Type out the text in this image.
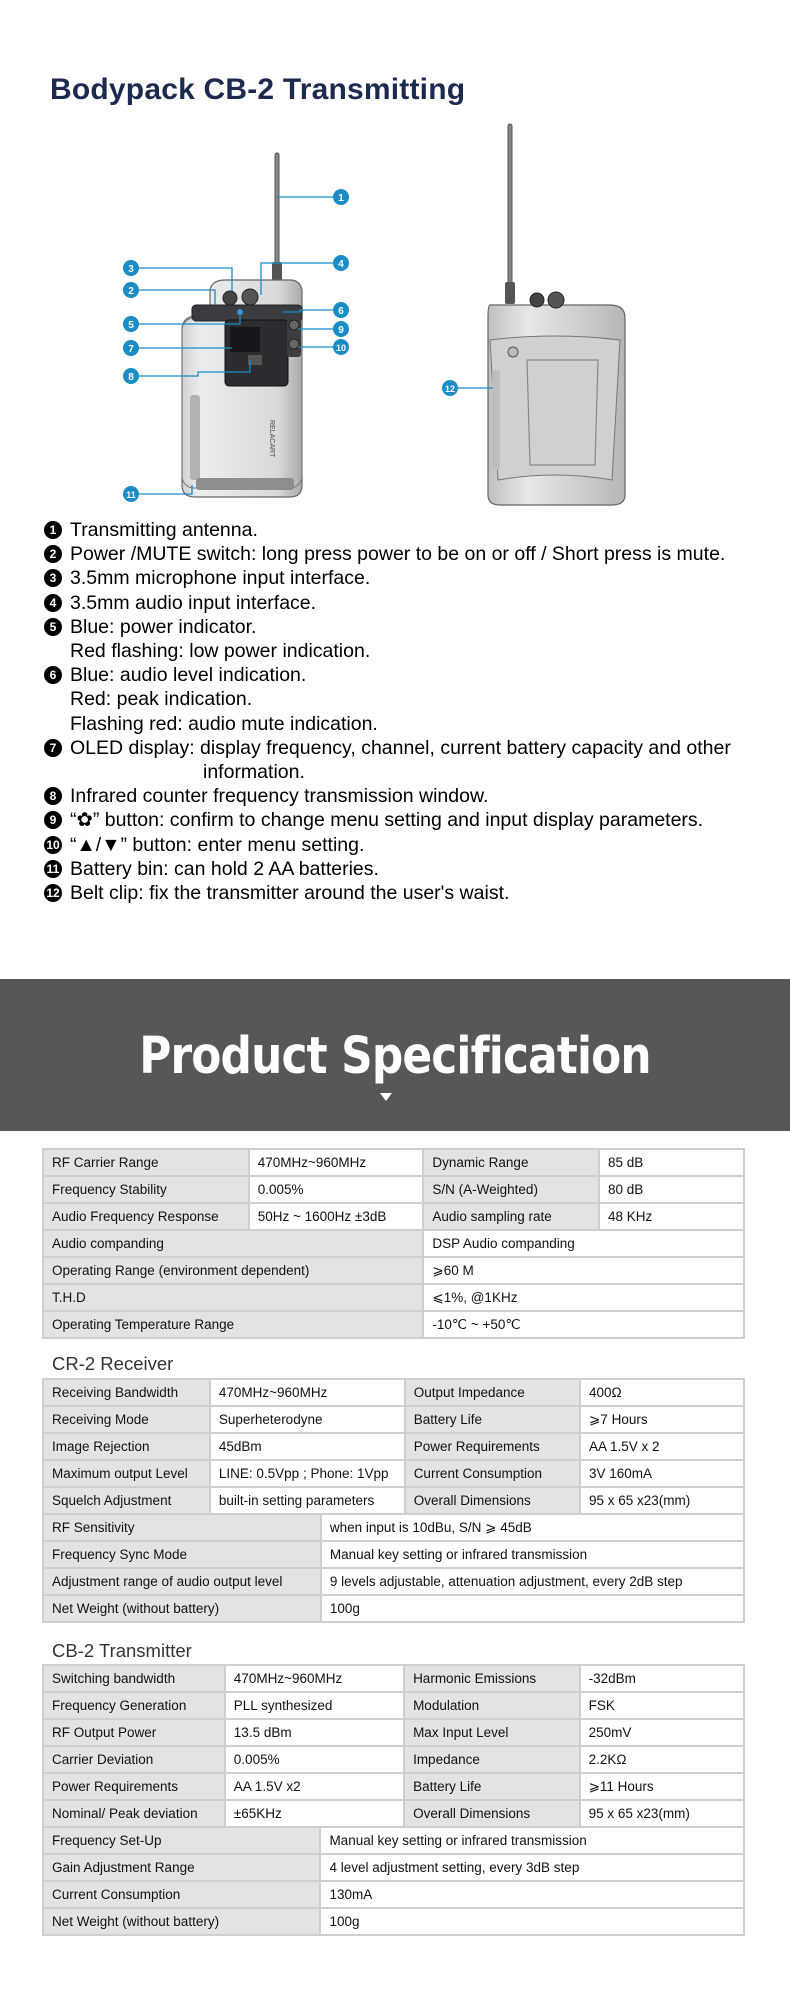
Bodypack CB-2 Transmitting
RELACART
1
2
3	4
5
6
7
8
9
10
11
12
1 Transmitting antenna.
2 Power /MUTE switch: long press power to be on or off / Short press is mute.
3 3.5mm microphone input interface.
4 3.5mm audio input interface.
5 Blue: power indicator.
Red flashing: low power indication.
6 Blue: audio level indication.
Red: peak indication.
Flashing red: audio mute indication.
7 OLED display: display frequency, channel, current battery capacity and other
information.
8 Infrared counter frequency transmission window.
9 “✿” button: confirm to change menu setting and input display parameters.
10 “▲/▼” button: enter menu setting.
11 Battery bin: can hold 2 AA batteries.
12 Belt clip: fix the transmitter around the user's waist.
Product Specification
RF Carrier Range	470MHz~960MHz	Dynamic Range	85 dB
Frequency Stability	0.005%	S/N (A-Weighted)	80 dB
Audio Frequency Response	50Hz ~ 1600Hz ±3dB	Audio sampling rate	48 KHz
Audio companding		DSP Audio companding	
Operating Range (environment dependent)		⩾60 M	
T.H.D		⩽1%, @1KHz	
Operating Temperature Range		-10℃ ~ +50℃	
CR-2 Receiver
Receiving Bandwidth	470MHz~960MHz		Output Impedance	400Ω
Receiving Mode	Superheterodyne		Battery Life	⩾7 Hours
Image Rejection	45dBm		Power Requirements	AA 1.5V x 2
Maximum output Level	LINE: 0.5Vpp ; Phone: 1Vpp		Current Consumption	3V 160mA
Squelch Adjustment	built-in setting parameters		Overall Dimensions	95 x 65 x23(mm)
RF Sensitivity		when input is 10dBu, S/N ⩾ 45dB		
Frequency Sync Mode		Manual key setting or infrared transmission		
Adjustment range of audio output level		9 levels adjustable, attenuation adjustment, every 2dB step		
Net Weight (without battery)		100g		
CB-2 Transmitter
Switching bandwidth	470MHz~960MHz		Harmonic Emissions	-32dBm
Frequency Generation	PLL synthesized		Modulation	FSK
RF Output Power	13.5 dBm		Max Input Level	250mV
Carrier Deviation	0.005%		Impedance	2.2KΩ
Power Requirements	AA 1.5V x2		Battery Life	⩾11 Hours
Nominal/ Peak deviation	±65KHz		Overall Dimensions	95 x 65 x23(mm)
Frequency Set-Up		Manual key setting or infrared transmission		
Gain Adjustment Range		4 level adjustment setting, every 3dB step		
Current Consumption		130mA		
Net Weight (without battery)		100g		
